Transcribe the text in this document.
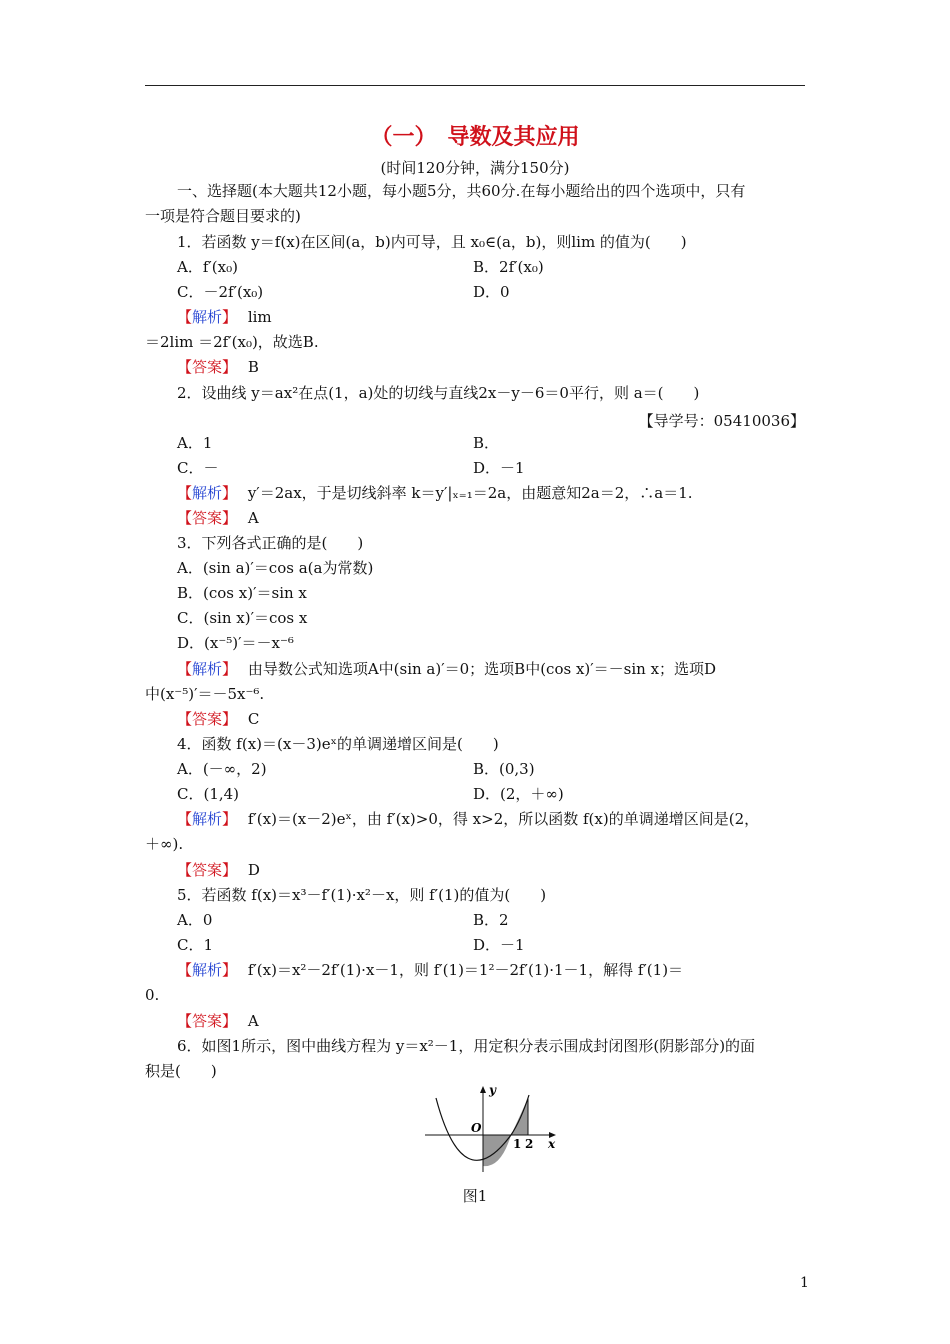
（一）　导数及其应用
(时间120分钟，满分150分)
一、选择题(本大题共12小题，每小题5分，共60分.在每小题给出的四个选项中，只有
一项是符合题目要求的)
1．若函数 y＝f(x)在区间(a，b)内可导，且 x₀∈(a，b)，则lim 的值为(　　)
A．f′(x₀)	B．2f′(x₀)
C．－2f′(x₀)	D．0
【 解析 】 lim
＝2lim ＝2f′(x₀)，故选B.
【 答案 】 B
2．设曲线 y＝ax²在点(1，a)处的切线与直线2x－y－6＝0平行，则 a＝(　　)
【导学号：05410036】
A．1	B．
C．－	D．－1
【 解析 】 y′＝2ax，于是切线斜率 k＝y′|ₓ₌₁＝2a，由题意知2a＝2，∴a＝1.
【 答案 】 A
3．下列各式正确的是(　　)
A．(sin a)′＝cos a(a为常数)
B．(cos x)′＝sin x
C．(sin x)′＝cos x
D．(x⁻⁵)′＝－x⁻⁶
【 解析 】 由导数公式知选项A中(sin a)′＝0；选项B中(cos x)′＝－sin x；选项D
中(x⁻⁵)′＝－5x⁻⁶.
【 答案 】 C
4．函数 f(x)＝(x－3)eˣ的单调递增区间是(　　)
A．(－∞，2)	B．(0,3)
C．(1,4)	D．(2，＋∞)
【 解析 】 f′(x)＝(x－2)eˣ，由 f′(x)>0，得 x>2，所以函数 f(x)的单调递增区间是(2，
＋∞).
【 答案 】 D
5．若函数 f(x)＝x³－f′(1)·x²－x，则 f′(1)的值为(　　)
A．0	B．2
C．1	D．－1
【 解析 】 f′(x)＝x²－2f′(1)·x－1，则 f′(1)＝1²－2f′(1)·1－1，解得 f′(1)＝
0.
【 答案 】 A
6．如图1所示，图中曲线方程为 y＝x²－1，用定积分表示围成封闭图形(阴影部分)的面
积是(　　)
y
x
O
1 2
图1
1
